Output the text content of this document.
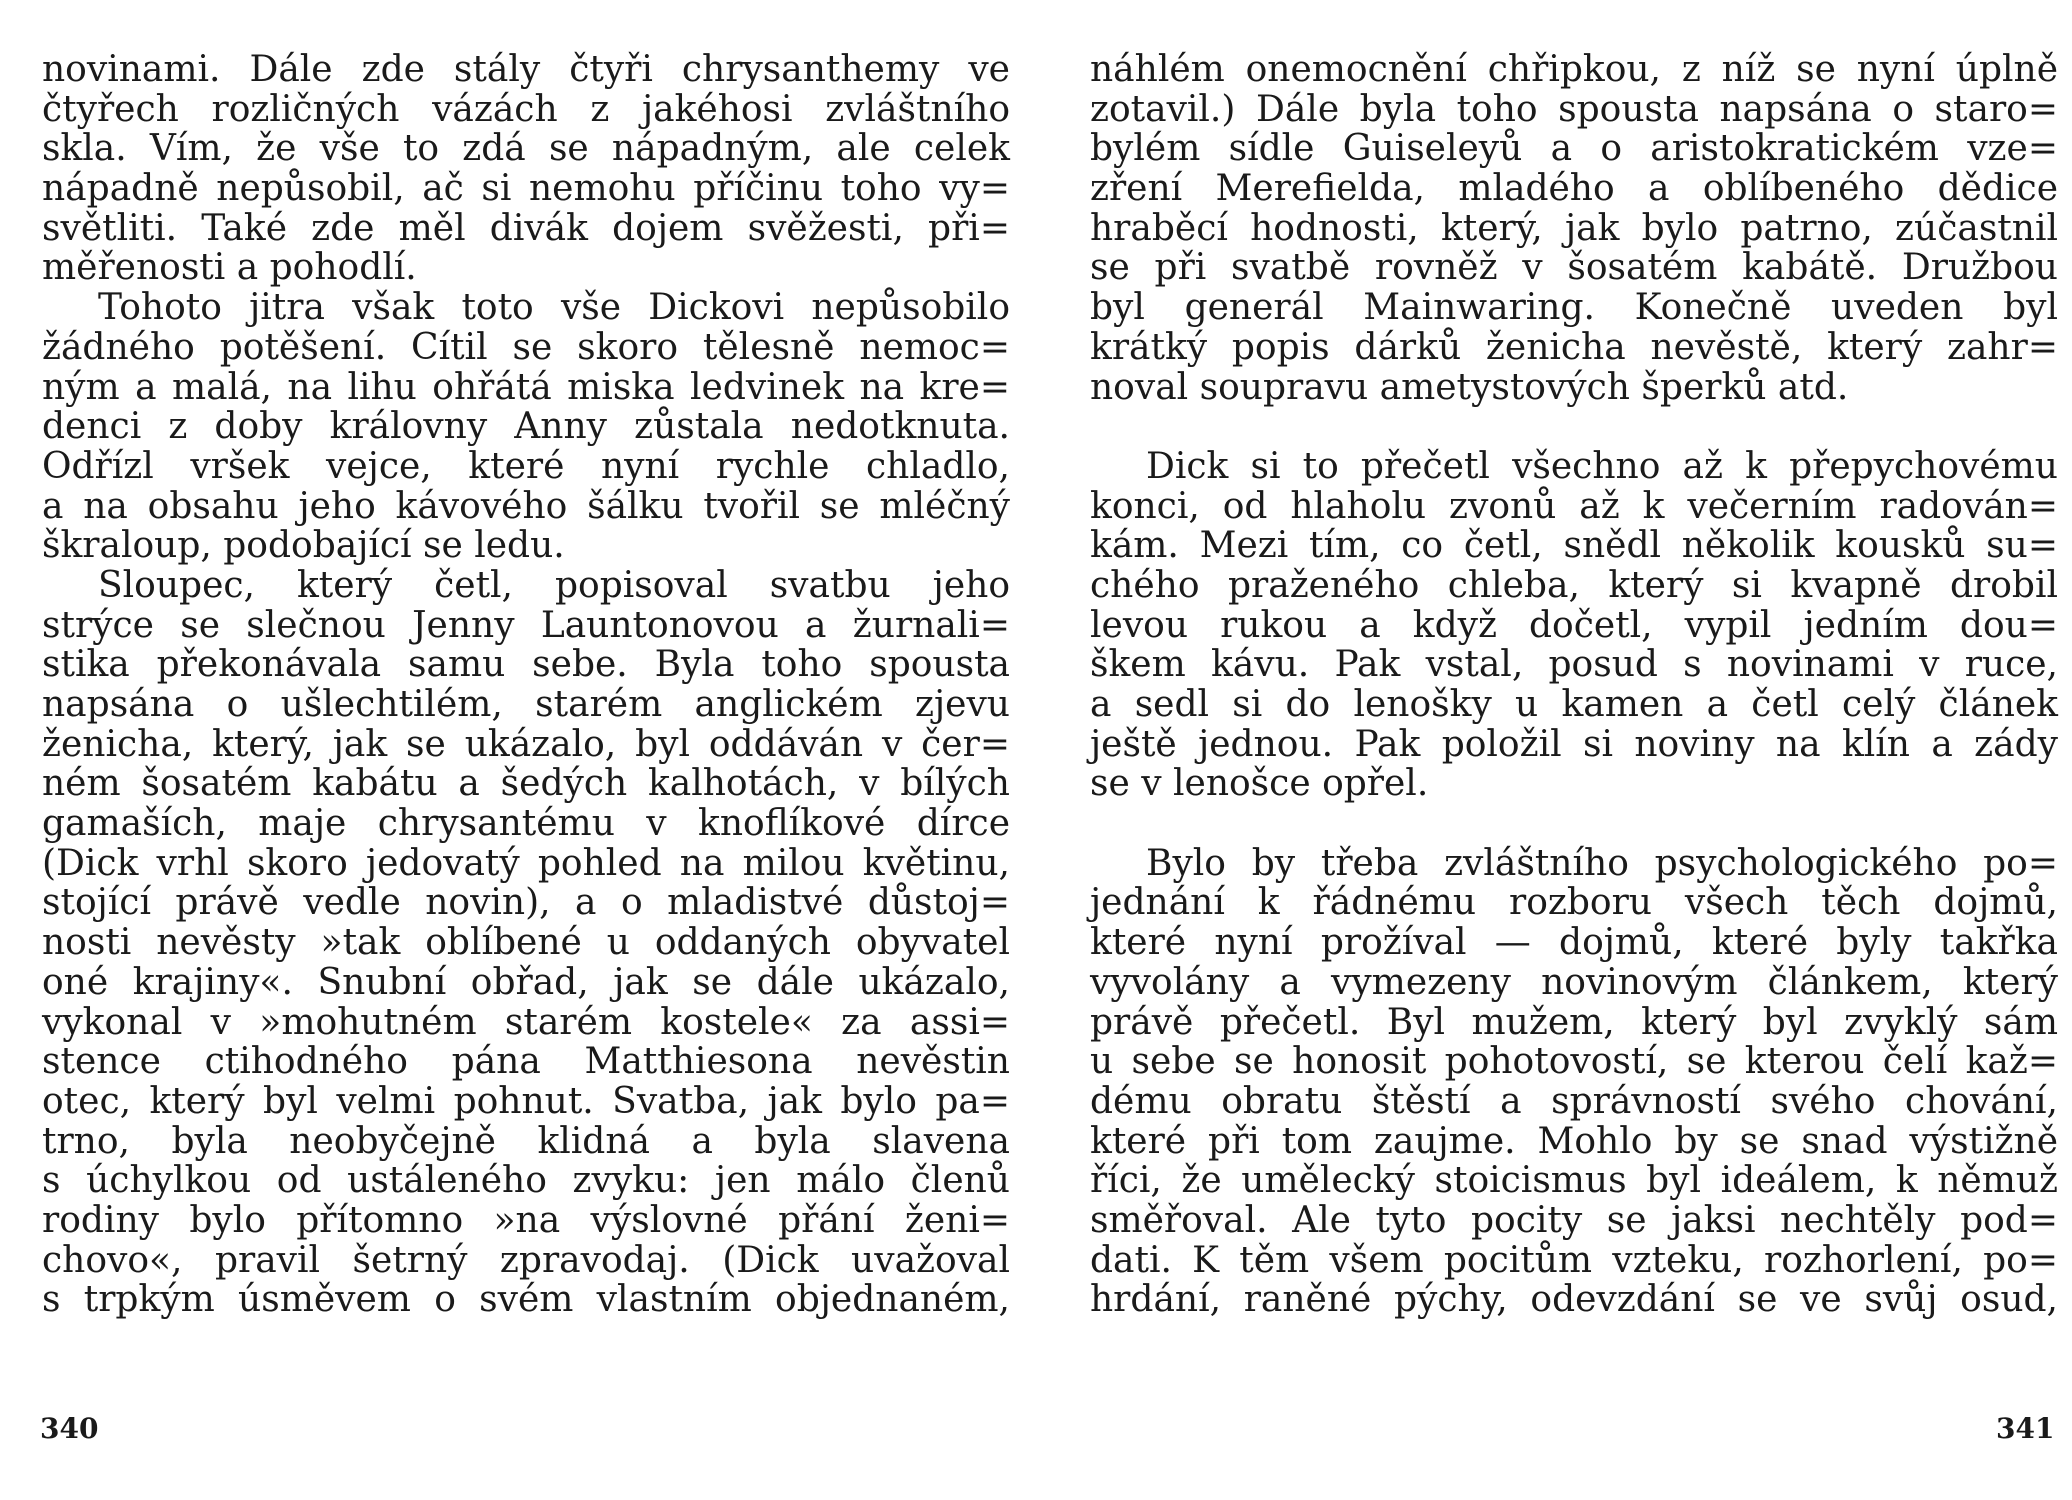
novinami. Dále zde stály čtyři chrysanthemy ve
čtyřech rozličných vázách z jakéhosi zvláštního
skla. Vím, že vše to zdá se nápadným, ale celek
nápadně nepůsobil, ač si nemohu příčinu toho vy=
světliti. Také zde měl divák dojem svěžesti, při=
měřenosti a pohodlí.
Tohoto jitra však toto vše Dickovi nepůsobilo
žádného potěšení. Cítil se skoro tělesně nemoc=
ným a malá, na lihu ohřátá miska ledvinek na kre=
denci z doby královny Anny zůstala nedotknuta.
Odřízl vršek vejce, které nyní rychle chladlo,
a na obsahu jeho kávového šálku tvořil se mléčný
škraloup, podobající se ledu.
Sloupec, který četl, popisoval svatbu jeho
strýce se slečnou Jenny Launtonovou a žurnali=
stika překonávala samu sebe. Byla toho spousta
napsána o ušlechtilém, starém anglickém zjevu
ženicha, který, jak se ukázalo, byl oddáván v čer=
ném šosatém kabátu a šedých kalhotách, v bílých
gamaších, maje chrysantému v knoflíkové dírce
(Dick vrhl skoro jedovatý pohled na milou květinu,
stojící právě vedle novin), a o mladistvé důstoj=
nosti nevěsty »tak oblíbené u oddaných obyvatel
oné krajiny«. Snubní obřad, jak se dále ukázalo,
vykonal v »mohutném starém kostele« za assi=
stence ctihodného pána Matthiesona nevěstin
otec, který byl velmi pohnut. Svatba, jak bylo pa=
trno, byla neobyčejně klidná a byla slavena
s úchylkou od ustáleného zvyku: jen málo členů
rodiny bylo přítomno »na výslovné přání ženi=
chovo«, pravil šetrný zpravodaj. (Dick uvažoval
s trpkým úsměvem o svém vlastním objednaném,
340
náhlém onemocnění chřipkou, z níž se nyní úplně
zotavil.) Dále byla toho spousta napsána o staro=
bylém sídle Guiseleyů a o aristokratickém vze=
zření Merefielda, mladého a oblíbeného dědice
hraběcí hodnosti, který, jak bylo patrno, zúčastnil
se při svatbě rovněž v šosatém kabátě. Družbou
byl generál Mainwaring. Konečně uveden byl
krátký popis dárků ženicha nevěstě, který zahr=
noval soupravu ametystových šperků atd.
Dick si to přečetl všechno až k přepychovému
konci, od hlaholu zvonů až k večerním radován=
kám. Mezi tím, co četl, snědl několik kousků su=
chého praženého chleba, který si kvapně drobil
levou rukou a když dočetl, vypil jedním dou=
škem kávu. Pak vstal, posud s novinami v ruce,
a sedl si do lenošky u kamen a četl celý článek
ještě jednou. Pak položil si noviny na klín a zády
se v lenošce opřel.
Bylo by třeba zvláštního psychologického po=
jednání k řádnému rozboru všech těch dojmů,
které nyní prožíval — dojmů, které byly takřka
vyvolány a vymezeny novinovým článkem, který
právě přečetl. Byl mužem, který byl zvyklý sám
u sebe se honosit pohotovostí, se kterou čelí kaž=
dému obratu štěstí a správností svého chování,
které při tom zaujme. Mohlo by se snad výstižně
říci, že umělecký stoicismus byl ideálem, k němuž
směřoval. Ale tyto pocity se jaksi nechtěly pod=
dati. K těm všem pocitům vzteku, rozhorlení, po=
hrdání, raněné pýchy, odevzdání se ve svůj osud,
341
